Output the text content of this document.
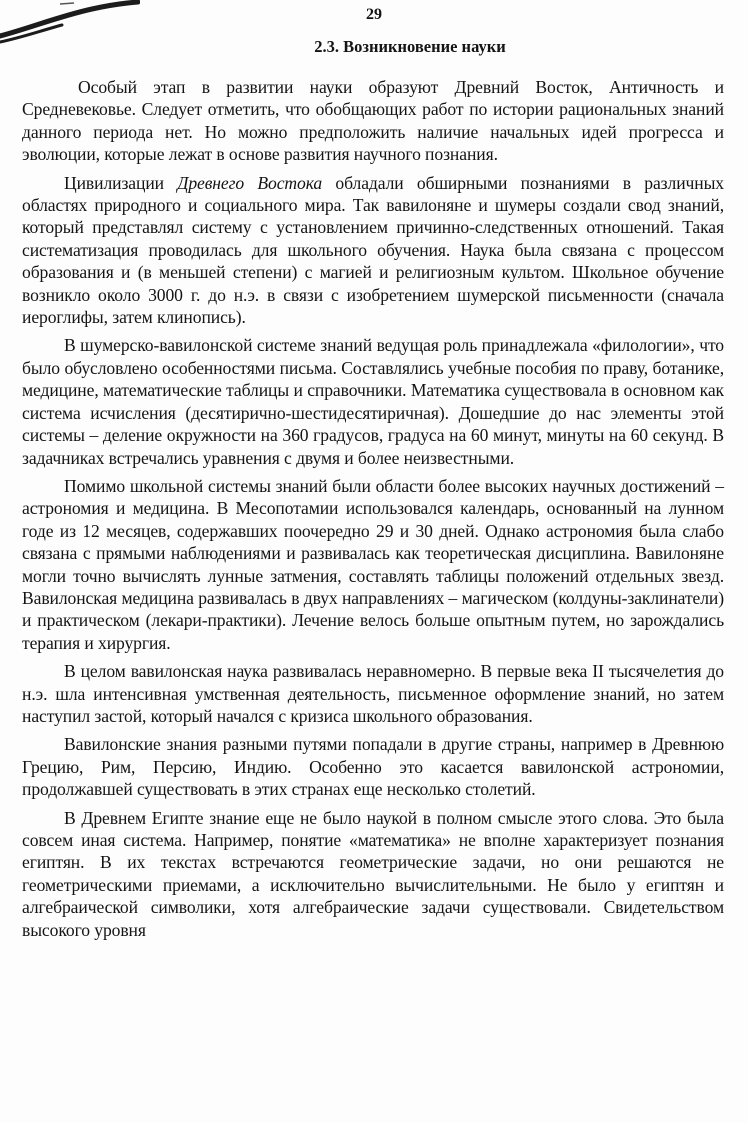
29
2.3. Возникновение науки

Особый этап в развитии науки образуют Древний Восток, Античность и Средневековье. Следует отметить, что обобщающих работ по истории рациональных знаний данного периода нет. Но можно предположить наличие начальных идей прогресса и эволюции, которые лежат в основе развития научного познания.

Цивилизации Древнего Востока обладали обширными познаниями в различных областях природного и социального мира. Так вавилоняне и шумеры создали свод знаний, который представлял систему с установлением причинно-следственных отношений. Такая систематизация проводилась для школьного обучения. Наука была связана с процессом образования и (в меньшей степени) с магией и религиозным культом. Школьное обучение возникло около 3000 г. до н.э. в связи с изобретением шумерской письменности (сначала иероглифы, затем клинопись).

В шумерско-вавилонской системе знаний ведущая роль принадлежала «филологии», что было обусловлено особенностями письма. Составлялись учебные пособия по праву, ботанике, медицине, математические таблицы и справочники. Математика существовала в основном как система исчисления (десятирично-шестидесятиричная). Дошедшие до нас элементы этой системы – деление окружности на 360 градусов, градуса на 60 минут, минуты на 60 секунд. В задачниках встречались уравнения с двумя и более неизвестными.

Помимо школьной системы знаний были области более высоких научных достижений – астрономия и медицина. В Месопотамии использовался календарь, основанный на лунном годе из 12 месяцев, содержавших поочередно 29 и 30 дней. Однако астрономия была слабо связана с прямыми наблюдениями и развивалась как теоретическая дисциплина. Вавилоняне могли точно вычислять лунные затмения, составлять таблицы положений отдельных звезд. Вавилонская медицина развивалась в двух направлениях – магическом (колдуны-заклинатели) и практическом (лекари-практики). Лечение велось больше опытным путем, но зарождались терапия и хирургия.

В целом вавилонская наука развивалась неравномерно. В первые века II тысячелетия до н.э. шла интенсивная умственная деятельность, письменное оформление знаний, но затем наступил застой, который начался с кризиса школьного образования.

Вавилонские знания разными путями попадали в другие страны, например в Древнюю Грецию, Рим, Персию, Индию. Особенно это касается вавилонской астрономии, продолжавшей существовать в этих странах еще несколько столетий.

В Древнем Египте знание еще не было наукой в полном смысле этого слова. Это была совсем иная система. Например, понятие «математика» не вполне характеризует познания египтян. В их текстах встречаются геометрические задачи, но они решаются не геометрическими приемами, а исключительно вычислительными. Не было у египтян и алгебраической символики, хотя алгебраические задачи существовали. Свидетельством высокого уровня
